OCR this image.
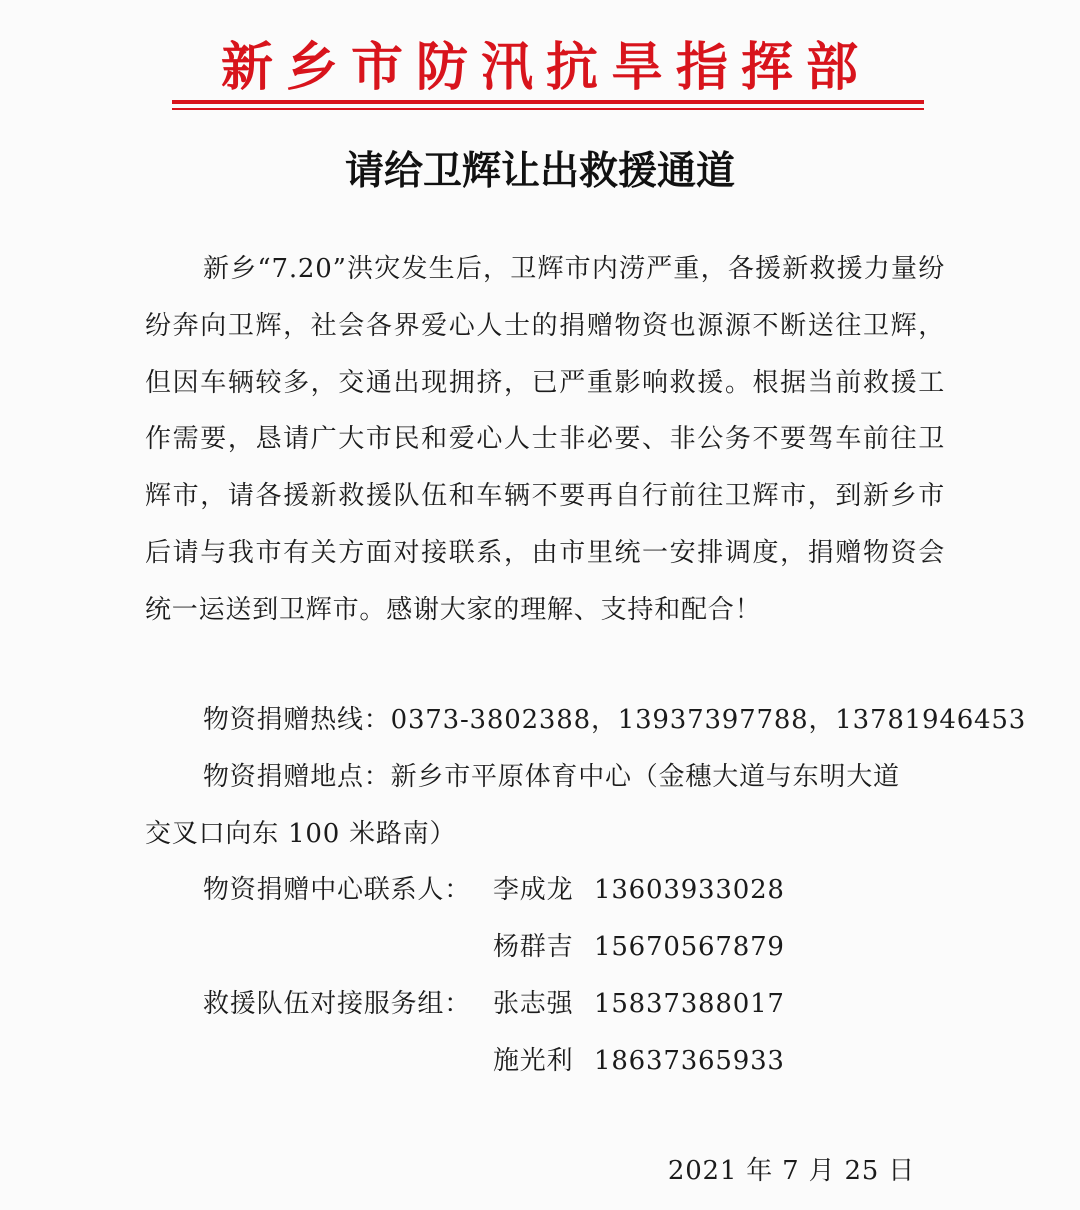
新乡市防汛抗旱指挥部
请给卫辉让出救援通道

新乡“7.20”洪灾发生后，卫辉市内涝严重，各援新救援力量纷纷奔向卫辉，社会各界爱心人士的捐赠物资也源源不断送往卫辉，但因车辆较多，交通出现拥挤，已严重影响救援。根据当前救援工作需要，恳请广大市民和爱心人士非必要、非公务不要驾车前往卫辉市，请各援新救援队伍和车辆不要再自行前往卫辉市，到新乡市后请与我市有关方面对接联系，由市里统一安排调度，捐赠物资会统一运送到卫辉市。感谢大家的理解、支持和配合！

物资捐赠热线：0373-3802388，13937397788，13781946453
物资捐赠地点：新乡市平原体育中心（金穗大道与东明大道
交叉口向东 100 米路南）
物资捐赠中心联系人： 李成龙 13603933028
杨群吉 15670567879
救援队伍对接服务组： 张志强 15837388017
施光利 18637365933
2021 年 7 月 25 日
